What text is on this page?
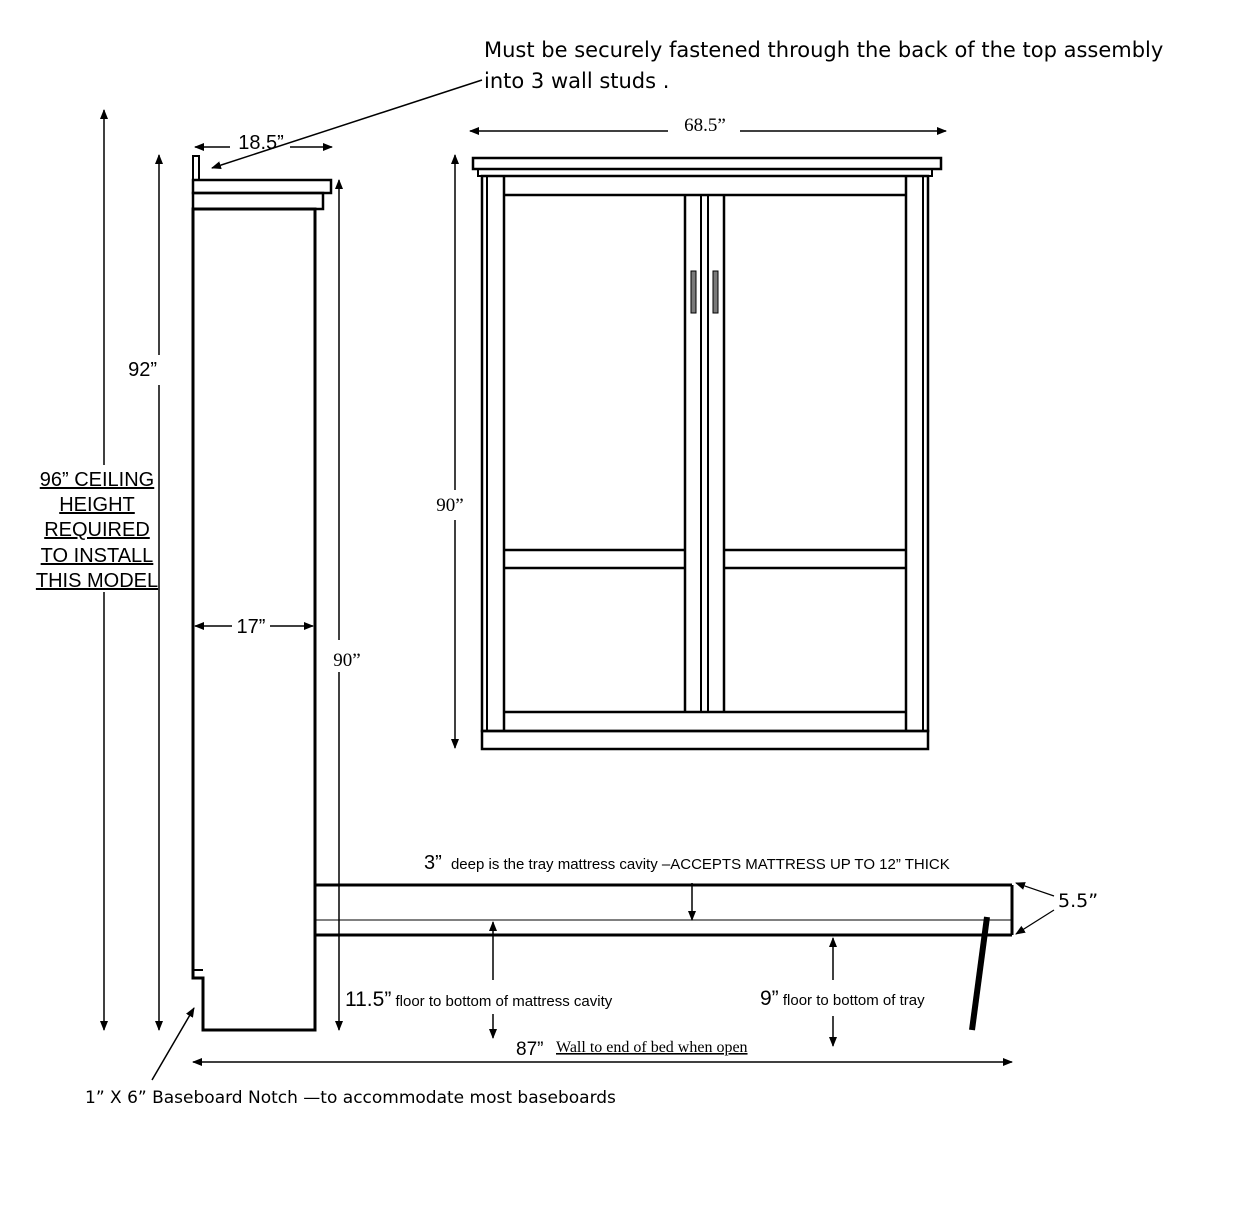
Must be securely fastened through the back of the top assembly
into 3 wall studs .
96” CEILING
HEIGHT
REQUIRED
TO INSTALL
THIS MODEL
92”
18.5”
17”
90”
68.5”
90”
3” deep is the tray mattress cavity –ACCEPTS MATTRESS UP TO 12” THICK
5.5”
11.5” floor to bottom of mattress cavity	9” floor to bottom of tray
87” Wall to end of bed when open
1” X 6” Baseboard Notch —to accommodate most baseboards
